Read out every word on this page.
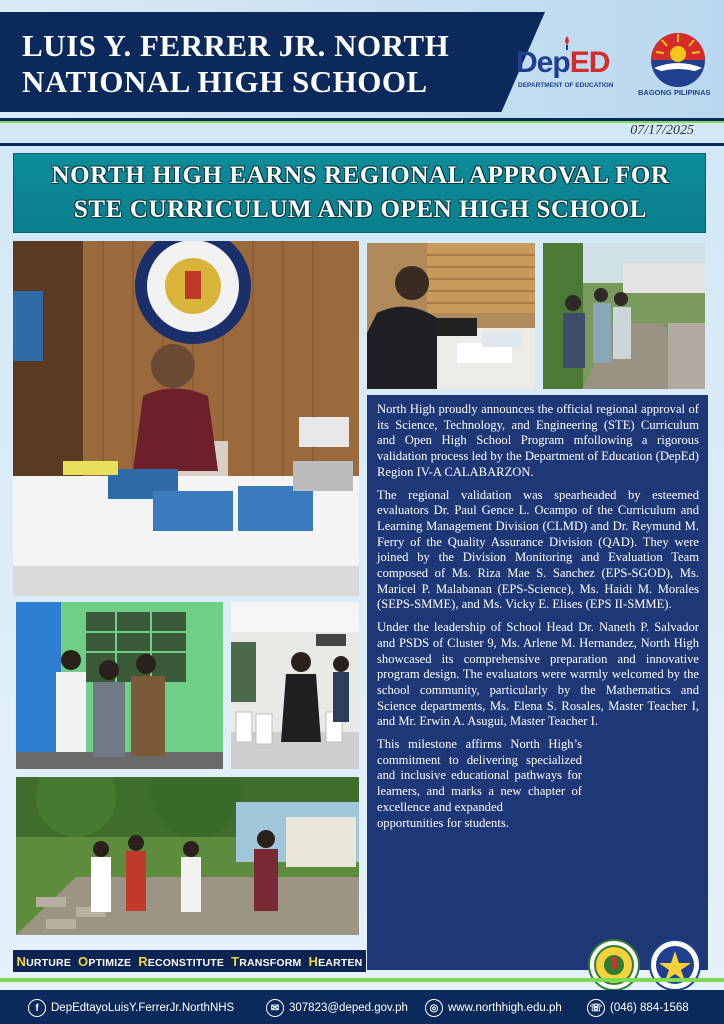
LUIS Y. FERRER JR. NORTH
NATIONAL HIGH SCHOOL
DepED
DEPARTMENT OF EDUCATION
BAGONG PILIPINAS
07/17/2025
NORTH HIGH EARNS REGIONAL APPROVAL FOR
STE CURRICULUM AND OPEN HIGH SCHOOL

North High proudly announces the official regional approval of its Science, Technology, and Engineering (STE) Curriculum and Open High School Program mfollowing a rigorous validation process led by the Department of Education (DepEd) Region IV-A CALABARZON.

The regional validation was spearheaded by esteemed evaluators Dr. Paul Gence L. Ocampo of the Curriculum and Learning Management Division (CLMD) and Dr. Reymund M. Ferry of the Quality Assurance Division (QAD). They were joined by the Division Monitoring and Evaluation Team composed of Ms. Riza Mae S. Sanchez (EPS-SGOD), Ms. Maricel P. Malabanan (EPS-Science), Ms. Haidi M. Morales (SEPS-SMME), and Ms. Vicky E. Elises (EPS II-SMME).

Under the leadership of School Head Dr. Naneth P. Salvador and PSDS of Cluster 9, Ms. Arlene M. Hernandez, North High showcased its comprehensive preparation and innovative program design. The evaluators were warmly welcomed by the school community, particularly by the Mathematics and Science departments, Ms. Elena S. Rosales, Master Teacher I, and Mr. Erwin A. Asugui, Master Teacher I.

This milestone affirms North High’s commitment to delivering specialized and inclusive educational pathways for learners, and marks a new chapter of excellence and expanded
opportunities for students.

NURTURE OPTIMIZE RECONSTITUTE TRANSFORM HEARTEN
f	DepEdtayoLuisY.FerrerJr.NorthNHS	✉ 307823@deped.gov.ph	◎ www.northhigh.edu.ph	☏ (046) 884-1568
